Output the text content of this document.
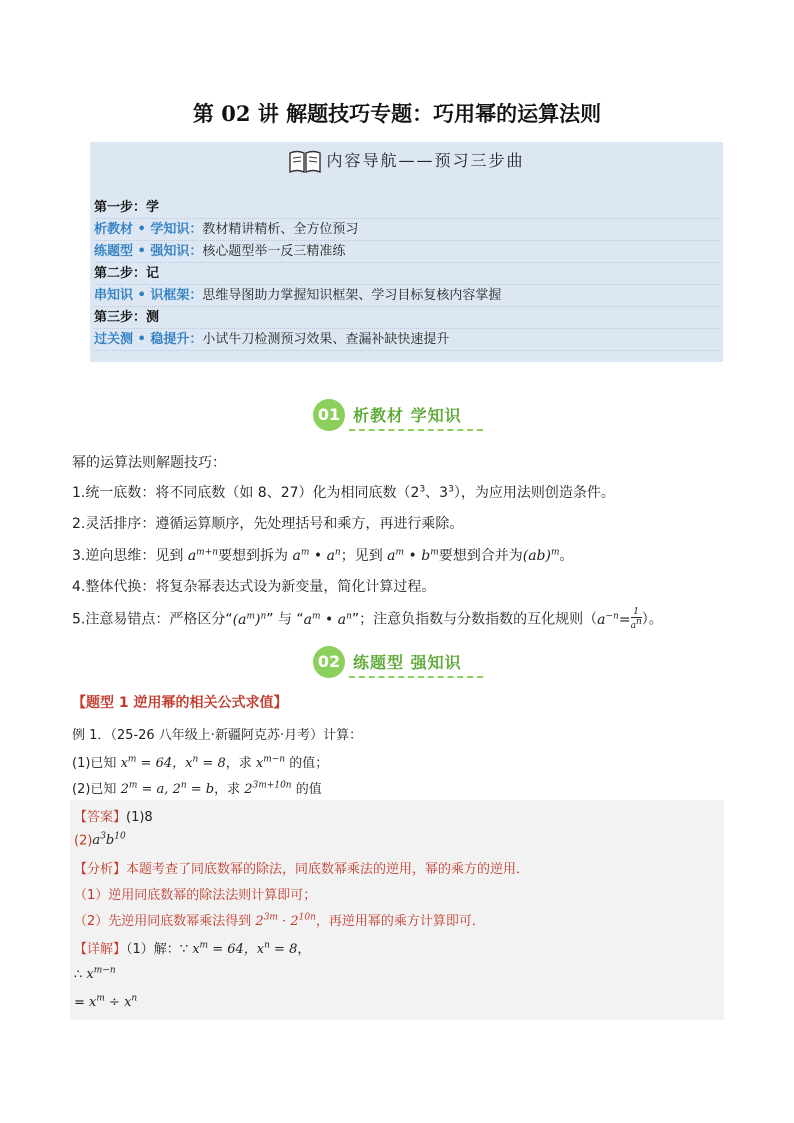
第 02 讲 解题技巧专题：巧用幂的运算法则
内容导航——预习三步曲
第一步：学
析教材 • 学知识：教材精讲精析、全方位预习
练题型 • 强知识：核心题型举一反三精准练
第二步：记
串知识 • 识框架：思维导图助力掌握知识框架、学习目标复核内容掌握
第三步：测
过关测 • 稳提升：小试牛刀检测预习效果、查漏补缺快速提升
01 析教材 学知识
幂的运算法则解题技巧：
1.统一底数：将不同底数（如 8、27）化为相同底数（$2^3$、$3^3$），为应用法则创造条件。
2.灵活排序：遵循运算顺序，先处理括号和乘方，再进行乘除。
3.逆向思维：见到 $a^{m+n}$要想到拆为 $a^m$ • $a^n$；见到 $a^m$ • $b^m$要想到合并为(ab)$^m$。
4.整体代换：将复杂幂表达式设为新变量，简化计算过程。
5.注意易错点：严格区分“$(a^m)^n$” 与 “$a^m$ • $a^n$”；注意负指数与分数指数的互化规则（$a^{-n}= \frac{1}{a^n}$ ）。
02 练题型 强知识
【题型 1 逆用幂的相关公式求值】
例 1．（25-26 八年级上·新疆阿克苏·月考）计算：
(1)已知 $x^m = 64$，$x^n = 8$，求 $x^{m-n}$ 的值；
(2)已知 $2^m = a$, $2^n = b$，求 $2^{3m+10n}$ 的值
【答案】(1)8
$(2)a^3b^{10}$
【分析】本题考查了同底数幂的除法，同底数幂乘法的逆用，幂的乘方的逆用．
（1）逆用同底数幂的除法法则计算即可；
（2）先逆用同底数幂乘法得到 $2^{3m} \cdot 2^{10n}$，再逆用幂的乘方计算即可．
【详解】（1）解：∵ $x^m = 64$，$x^n = 8$，
∴ $x^{m-n}$
= $x^m \div x^n$
